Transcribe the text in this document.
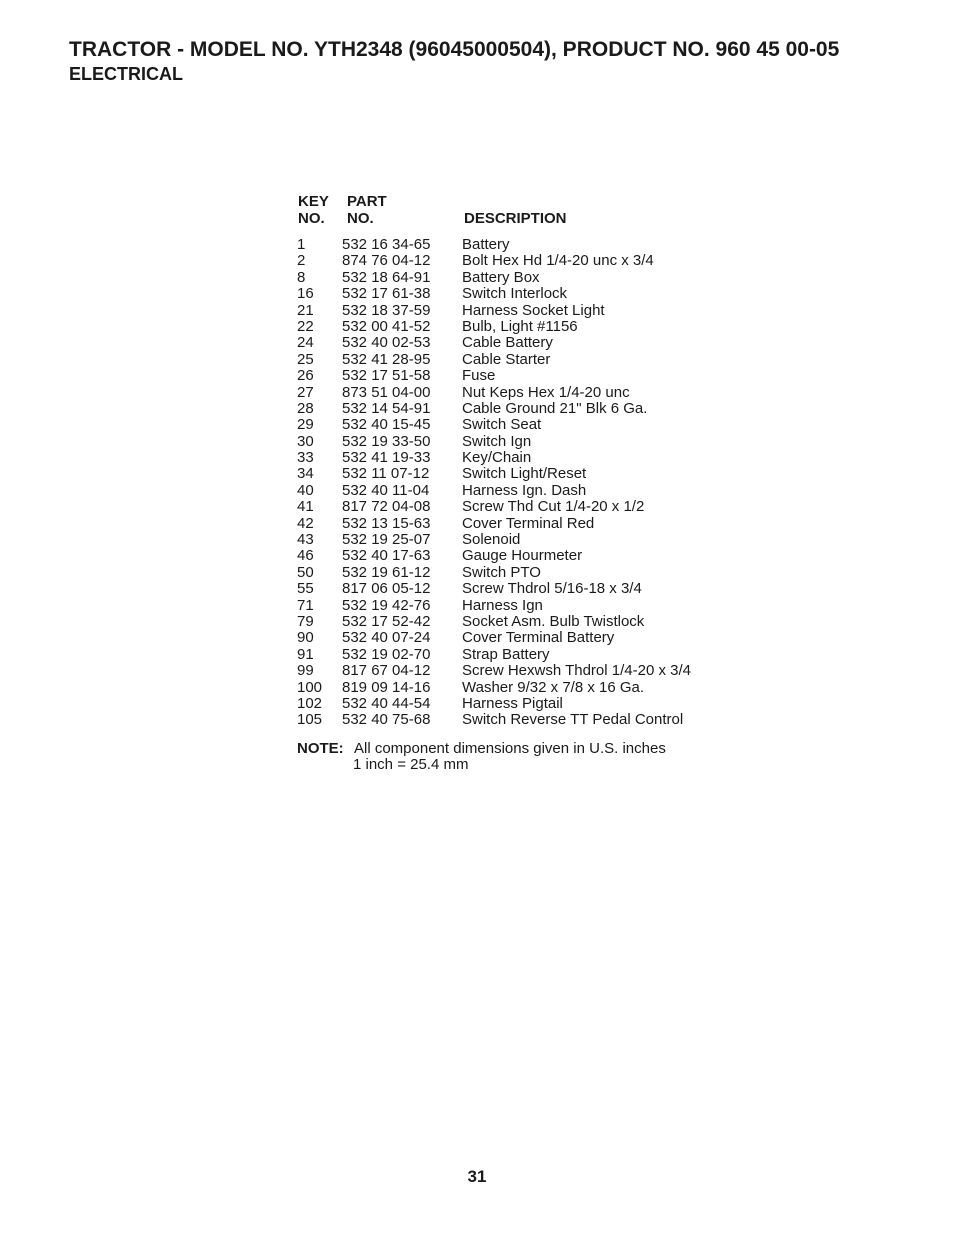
TRACTOR - MODEL NO. YTH2348 (96045000504), PRODUCT NO. 960 45 00-05
ELECTRICAL
KEY
NO.
PART
NO.	DESCRIPTION
1 532 16 34-65 Battery
2 874 76 04-12 Bolt Hex Hd 1/4-20 unc x 3/4
8 532 18 64-91 Battery Box
16 532 17 61-38 Switch Interlock
21 532 18 37-59 Harness Socket Light
22 532 00 41-52 Bulb, Light #1156
24 532 40 02-53 Cable Battery
25 532 41 28-95 Cable Starter
26 532 17 51-58 Fuse
27 873 51 04-00 Nut Keps Hex 1/4-20 unc
28 532 14 54-91 Cable Ground 21" Blk 6 Ga.
29 532 40 15-45 Switch Seat
30 532 19 33-50 Switch Ign
33 532 41 19-33 Key/Chain
34 532 11 07-12 Switch Light/Reset
40 532 40 11-04 Harness Ign. Dash
41 817 72 04-08 Screw Thd Cut 1/4-20 x 1/2
42 532 13 15-63 Cover Terminal Red
43 532 19 25-07 Solenoid
46 532 40 17-63 Gauge Hourmeter
50 532 19 61-12 Switch PTO
55 817 06 05-12 Screw Thdrol 5/16-18 x 3/4
71 532 19 42-76 Harness Ign
79 532 17 52-42 Socket Asm. Bulb Twistlock
90 532 40 07-24 Cover Terminal Battery
91 532 19 02-70 Strap Battery
99 817 67 04-12 Screw Hexwsh Thdrol 1/4-20 x 3/4
100 819 09 14-16 Washer 9/32 x 7/8 x 16 Ga.
102 532 40 44-54 Harness Pigtail
105 532 40 75-68 Switch Reverse TT Pedal Control
NOTE: All component dimensions given in U.S. inches
1 inch = 25.4 mm
31
